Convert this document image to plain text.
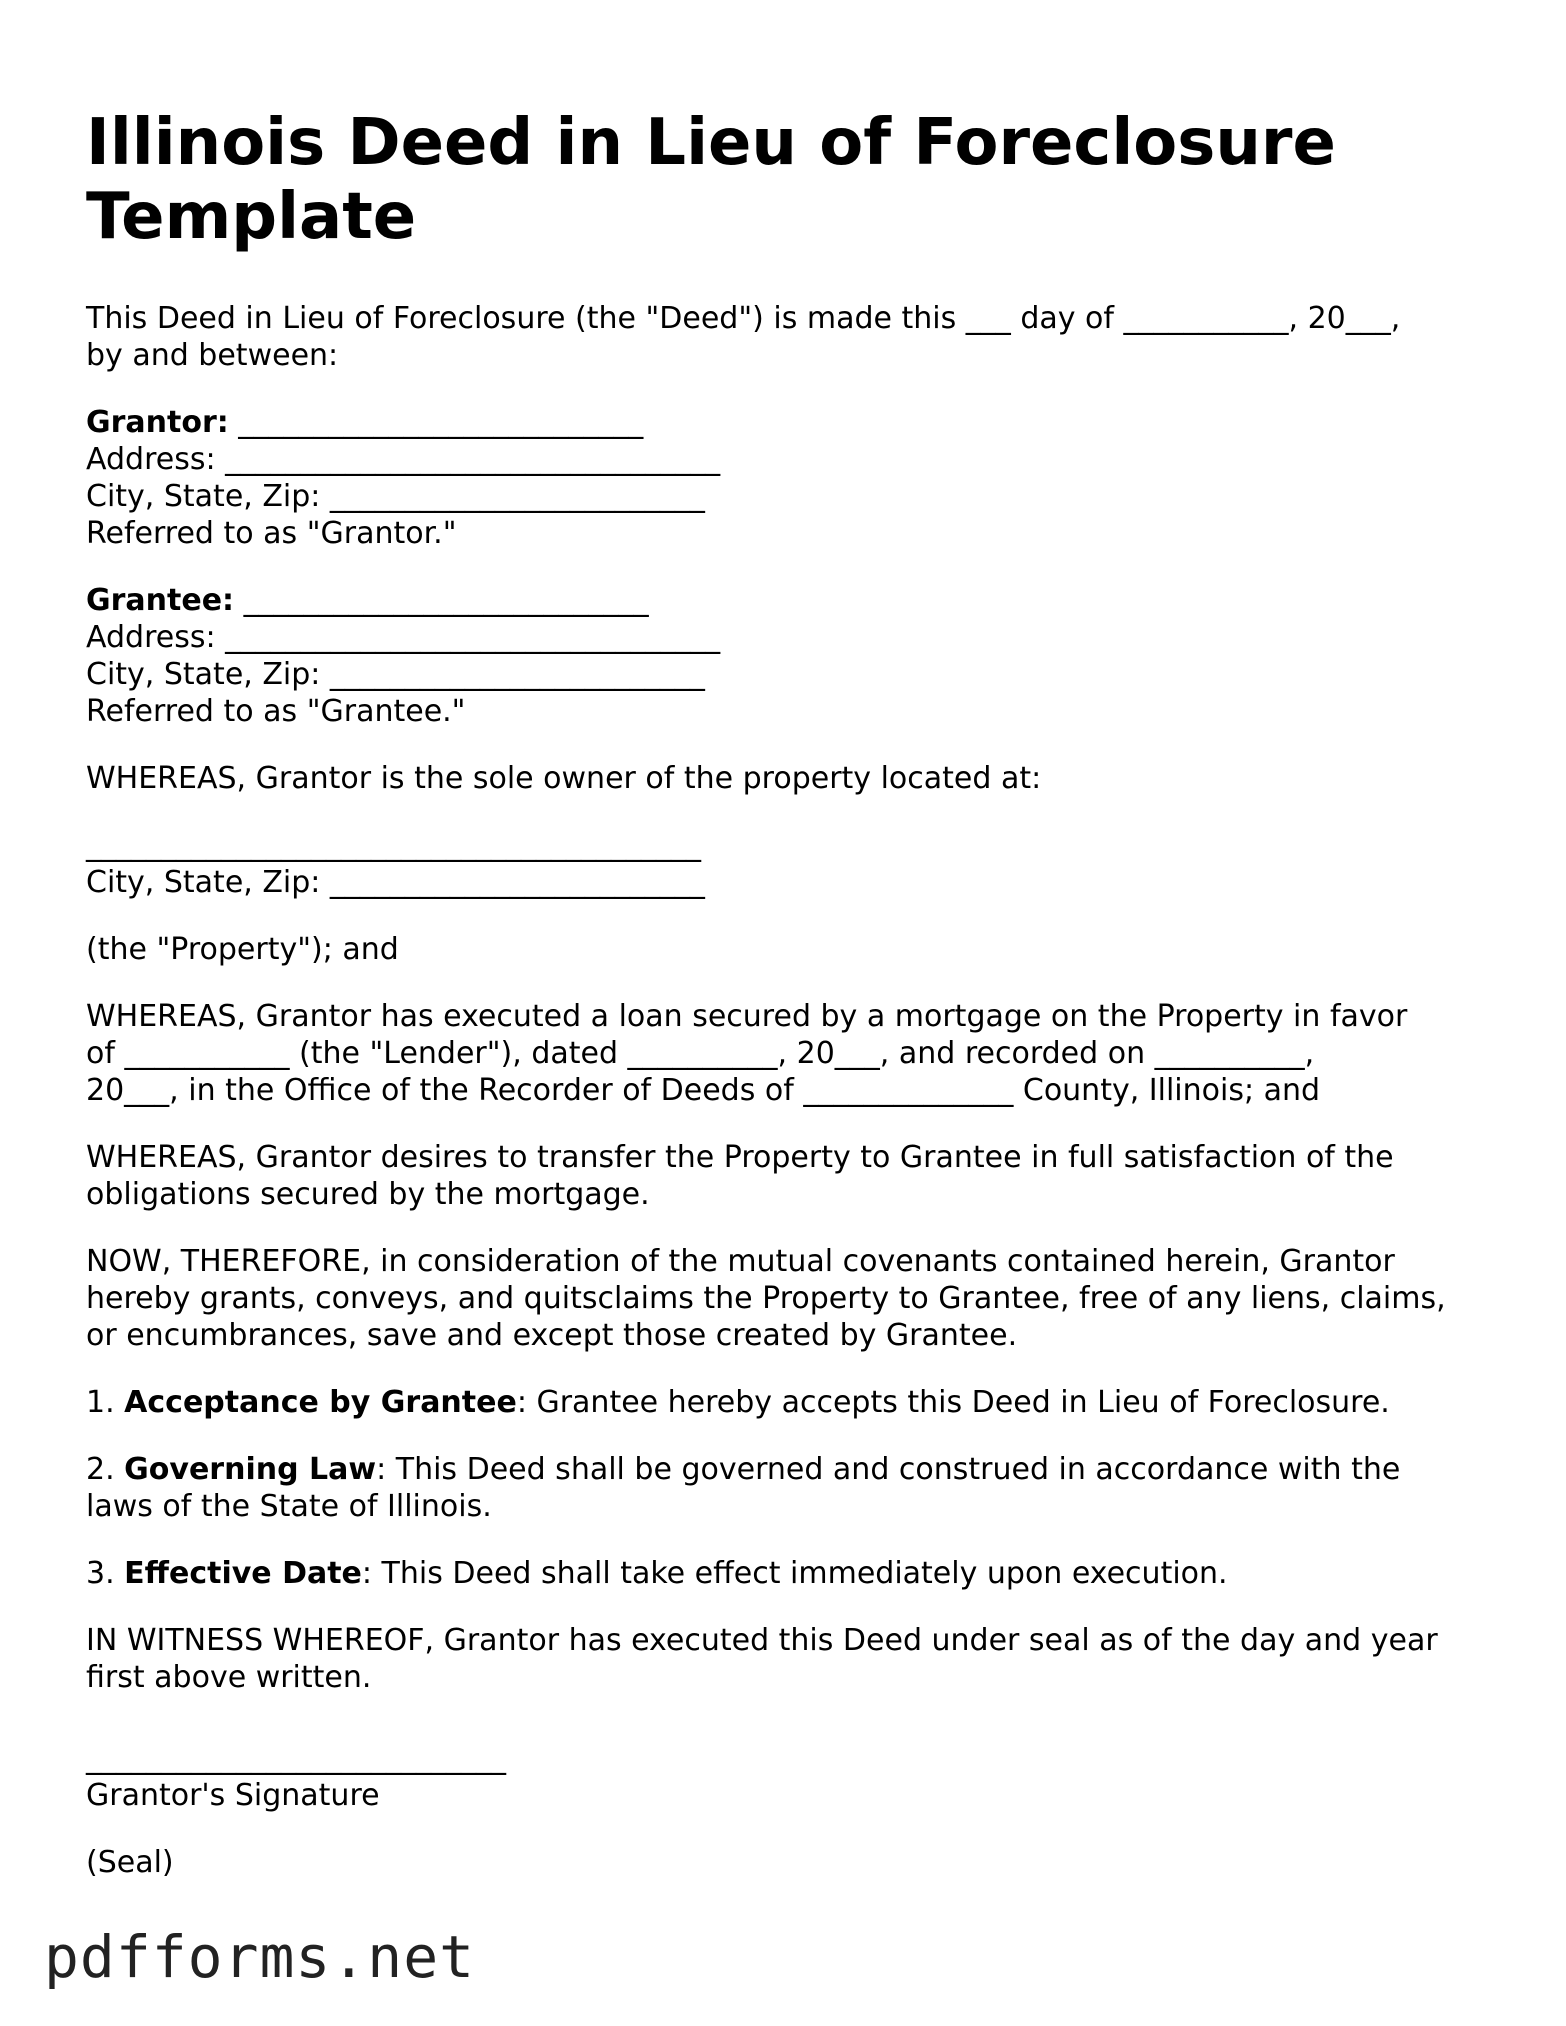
Illinois Deed in Lieu of Foreclosure Template

This Deed in Lieu of Foreclosure (the "Deed") is made this ___ day of ___________, 20___,
by and between:

Grantor: ___________________________
Address: _________________________________
City, State, Zip: _________________________
Referred to as "Grantor."
Grantee: ___________________________
Address: _________________________________
City, State, Zip: _________________________
Referred to as "Grantee."

WHEREAS, Grantor is the sole owner of the property located at:

_________________________________________
City, State, Zip: _________________________

(the "Property"); and

WHEREAS, Grantor has executed a loan secured by a mortgage on the Property in favor
of ___________ (the "Lender"), dated __________, 20___, and recorded on __________,
20___, in the Office of the Recorder of Deeds of ______________ County, Illinois; and

WHEREAS, Grantor desires to transfer the Property to Grantee in full satisfaction of the
obligations secured by the mortgage.

NOW, THEREFORE, in consideration of the mutual covenants contained herein, Grantor
hereby grants, conveys, and quitsclaims the Property to Grantee, free of any liens, claims,
or encumbrances, save and except those created by Grantee.

1. Acceptance by Grantee: Grantee hereby accepts this Deed in Lieu of Foreclosure.

2. Governing Law: This Deed shall be governed and construed in accordance with the
laws of the State of Illinois.

3. Effective Date: This Deed shall take effect immediately upon execution.

IN WITNESS WHEREOF, Grantor has executed this Deed under seal as of the day and year
first above written.

____________________________
Grantor's Signature

(Seal)

pdfforms.net
